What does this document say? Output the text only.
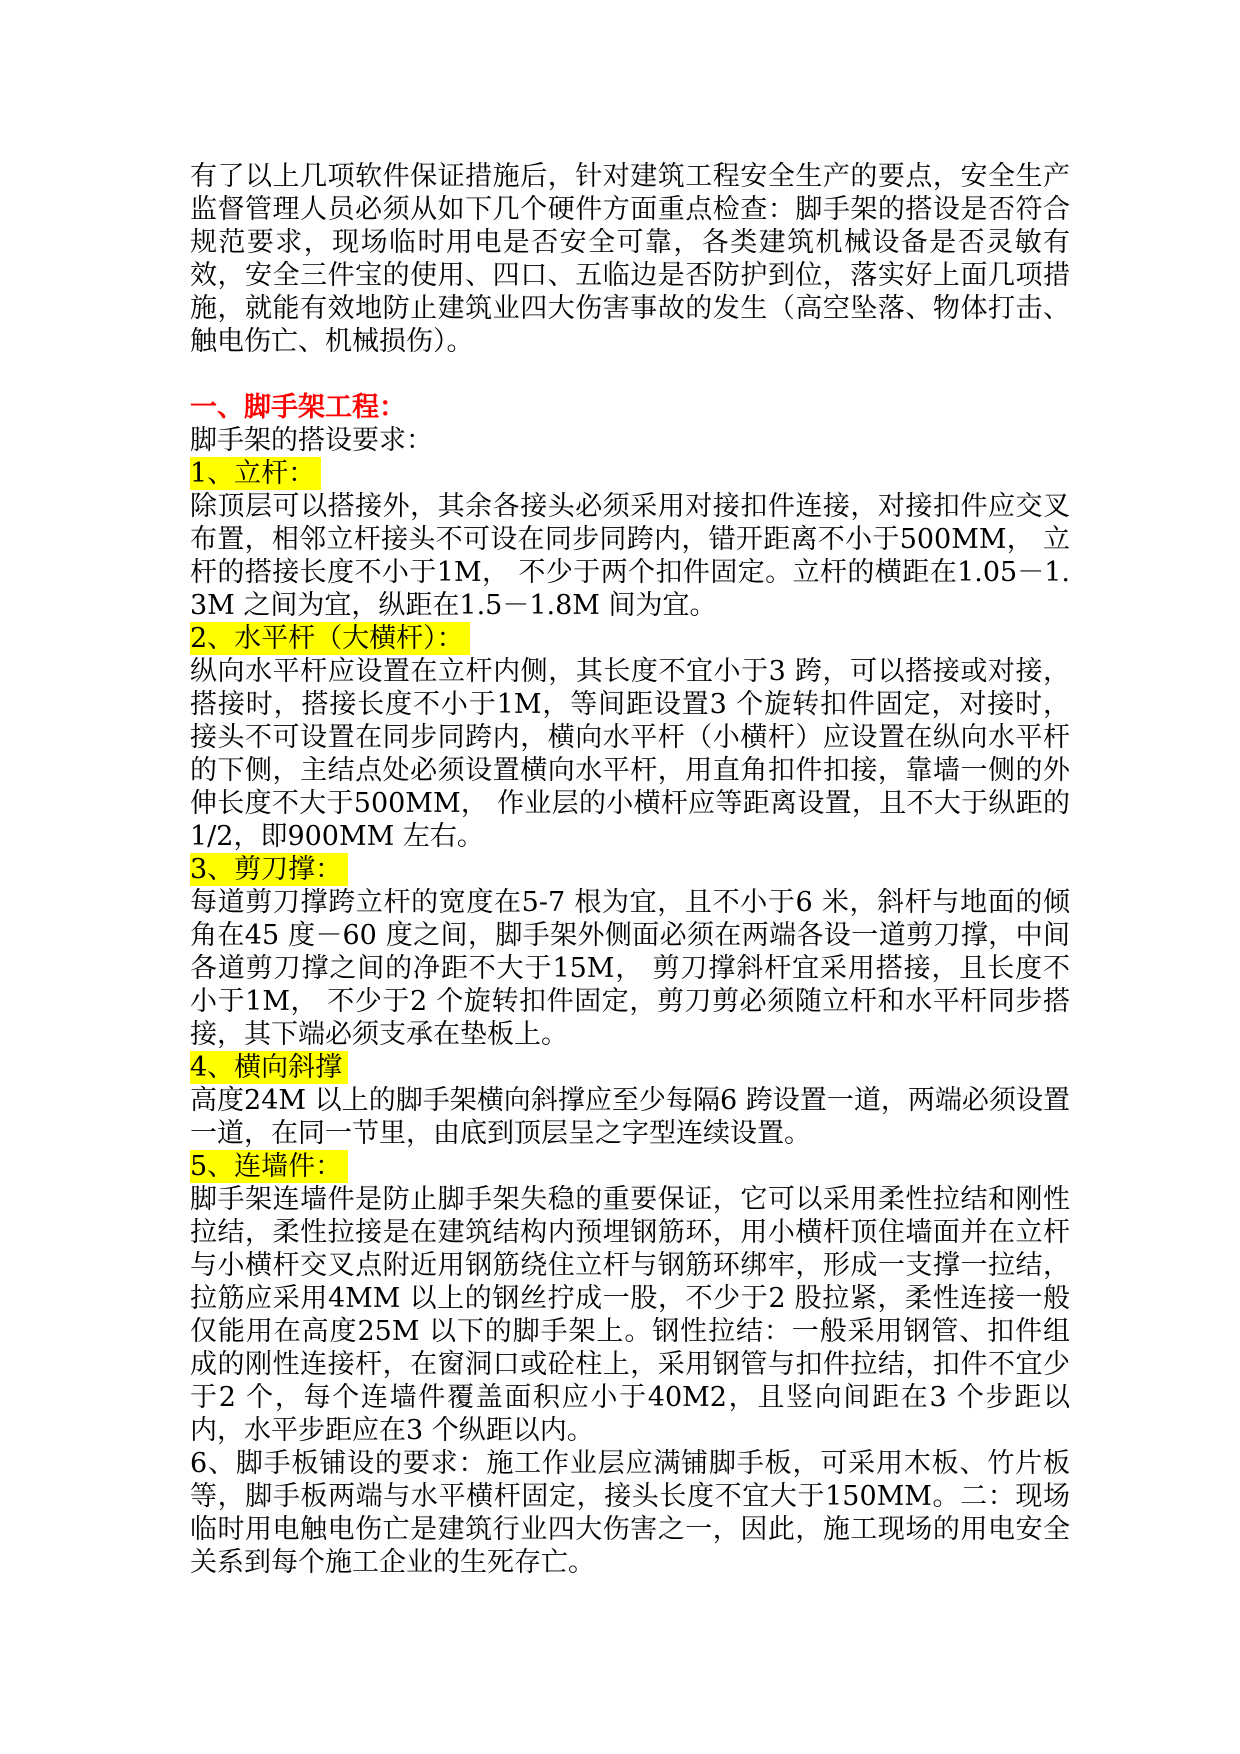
有了以上几项软件保证措施后，针对建筑工程安全生产的要点，安全生产监督管理人员必须从如下几个硬件方面重点检查：脚手架的搭设是否符合规范要求，现场临时用电是否安全可靠，各类建筑机械设备是否灵敏有效，安全三件宝的使用、四口、五临边是否防护到位，落实好上面几项措施，就能有效地防止建筑业四大伤害事故的发生（高空坠落、物体打击、触电伤亡、机械损伤）。

一、脚手架工程：

脚手架的搭设要求：

1、立杆：

除顶层可以搭接外，其余各接头必须采用对接扣件连接，对接扣件应交叉布置，相邻立杆接头不可设在同步同跨内，错开距离不小于500MM， 立杆的搭接长度不小于1M， 不少于两个扣件固定。立杆的横距在1.05－1.3M 之间为宜，纵距在1.5－1.8M 间为宜。

2、水平杆（大横杆）：

纵向水平杆应设置在立杆内侧，其长度不宜小于3 跨，可以搭接或对接，搭接时，搭接长度不小于1M，等间距设置3 个旋转扣件固定，对接时，接头不可设置在同步同跨内，横向水平杆（小横杆）应设置在纵向水平杆的下侧，主结点处必须设置横向水平杆，用直角扣件扣接，靠墙一侧的外伸长度不大于500MM， 作业层的小横杆应等距离设置，且不大于纵距的1/2，即900MM 左右。

3、剪刀撑：

每道剪刀撑跨立杆的宽度在5-7 根为宜，且不小于6 米，斜杆与地面的倾角在45 度－60 度之间，脚手架外侧面必须在两端各设一道剪刀撑，中间各道剪刀撑之间的净距不大于15M， 剪刀撑斜杆宜采用搭接，且长度不小于1M， 不少于2 个旋转扣件固定，剪刀剪必须随立杆和水平杆同步搭接，其下端必须支承在垫板上。

4、横向斜撑

高度24M 以上的脚手架横向斜撑应至少每隔6 跨设置一道，两端必须设置一道，在同一节里，由底到顶层呈之字型连续设置。

5、连墙件：

脚手架连墙件是防止脚手架失稳的重要保证，它可以采用柔性拉结和刚性拉结，柔性拉接是在建筑结构内预埋钢筋环，用小横杆顶住墙面并在立杆与小横杆交叉点附近用钢筋绕住立杆与钢筋环绑牢，形成一支撑一拉结，拉筋应采用4MM 以上的钢丝拧成一股，不少于2 股拉紧，柔性连接一般仅能用在高度25M 以下的脚手架上。钢性拉结：一般采用钢管、扣件组成的刚性连接杆，在窗洞口或砼柱上，采用钢管与扣件拉结，扣件不宜少于2 个，每个连墙件覆盖面积应小于40M2，且竖向间距在3 个步距以内，水平步距应在3 个纵距以内。

6、脚手板铺设的要求：施工作业层应满铺脚手板，可采用木板、竹片板等，脚手板两端与水平横杆固定，接头长度不宜大于150MM。二：现场临时用电触电伤亡是建筑行业四大伤害之一，因此，施工现场的用电安全关系到每个施工企业的生死存亡。
